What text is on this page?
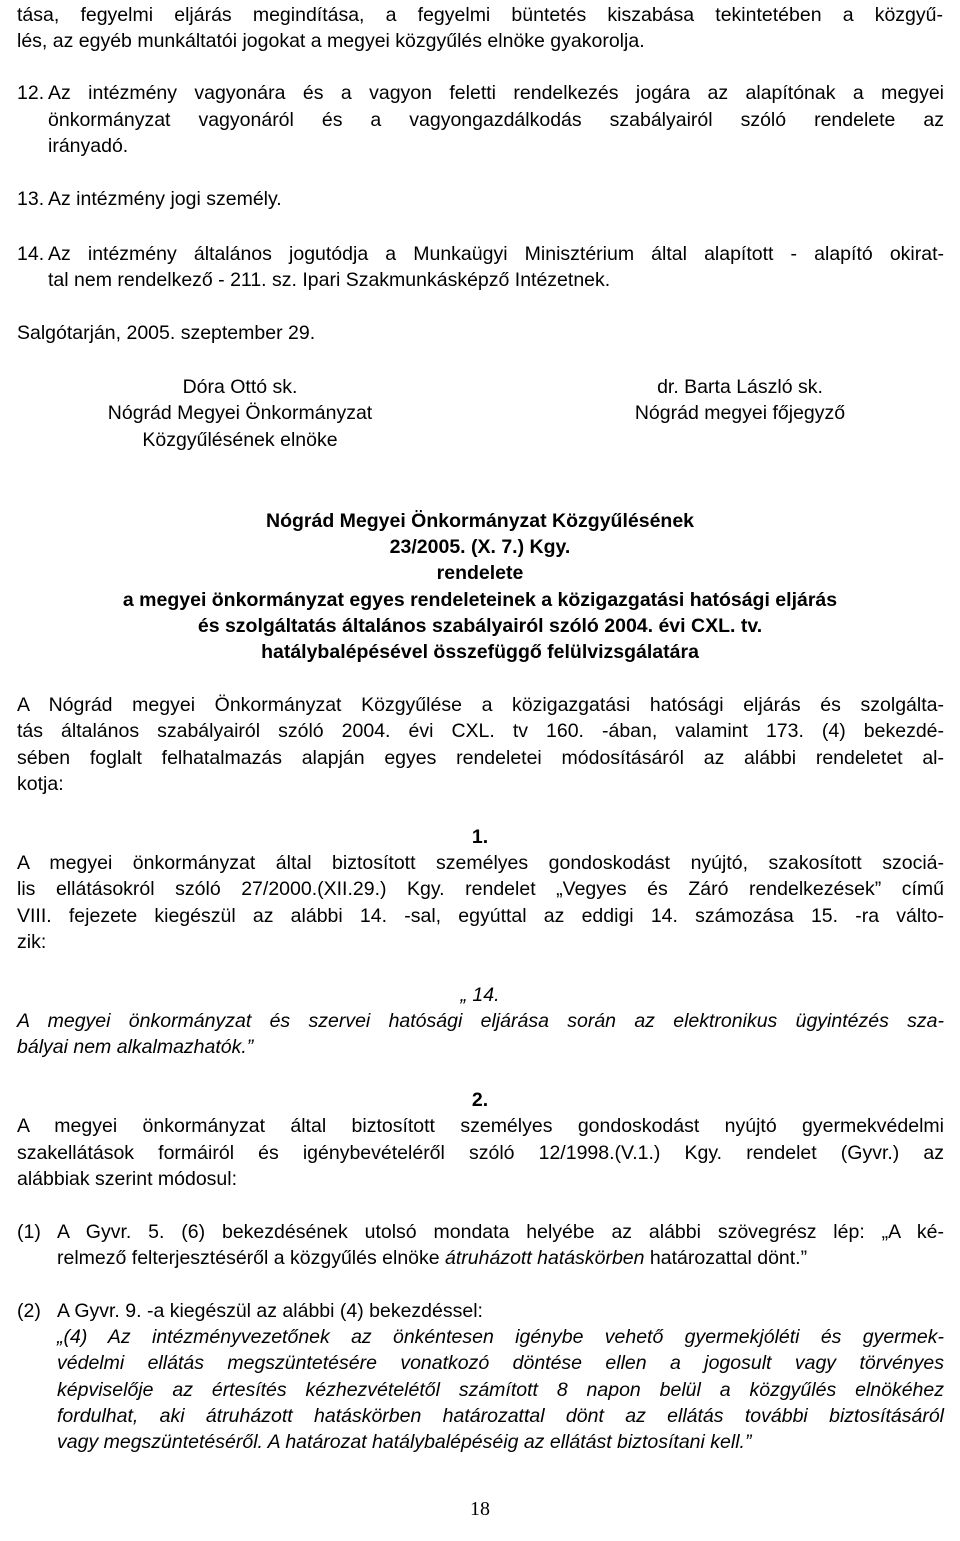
tása, fegyelmi eljárás megindítása, a fegyelmi büntetés kiszabása tekintetében a közgyű-
lés, az egyéb munkáltatói jogokat a megyei közgyűlés elnöke gyakorolja.
12. Az intézmény vagyonára és a vagyon feletti rendelkezés jogára az alapítónak a megyei
önkormányzat vagyonáról és a vagyongazdálkodás szabályairól szóló rendelete az
irányadó.
13. Az intézmény jogi személy.
14. Az intézmény általános jogutódja a Munkaügyi Minisztérium által alapított - alapító okirat-
tal nem rendelkező - 211. sz. Ipari Szakmunkásképző Intézetnek.
Salgótarján, 2005. szeptember 29.
Dóra Ottó sk.
Nógrád Megyei Önkormányzat
Közgyűlésének elnöke
dr. Barta László sk.
Nógrád megyei főjegyző
Nógrád Megyei Önkormányzat Közgyűlésének
23/2005. (X. 7.) Kgy.
rendelete
a megyei önkormányzat egyes rendeleteinek a közigazgatási hatósági eljárás
és szolgáltatás általános szabályairól szóló 2004. évi CXL. tv.
hatálybalépésével összefüggő felülvizsgálatára
A Nógrád megyei Önkormányzat Közgyűlése a közigazgatási hatósági eljárás és szolgálta-
tás általános szabályairól szóló 2004. évi CXL. tv 160. -ában, valamint 173. (4) bekezdé-
sében foglalt felhatalmazás alapján egyes rendeletei módosításáról az alábbi rendeletet al-
kotja:
1.
A megyei önkormányzat által biztosított személyes gondoskodást nyújtó, szakosított szociá-
lis ellátásokról szóló 27/2000.(XII.29.) Kgy. rendelet „Vegyes és Záró rendelkezések” című
VIII. fejezete kiegészül az alábbi 14. -sal, egyúttal az eddigi 14. számozása 15. -ra válto-
zik:
„ 14.
A megyei önkormányzat és szervei hatósági eljárása során az elektronikus ügyintézés sza-
bályai nem alkalmazhatók.”
2.
A megyei önkormányzat által biztosított személyes gondoskodást nyújtó gyermekvédelmi
szakellátások formáiról és igénybevételéről szóló 12/1998.(V.1.) Kgy. rendelet (Gyvr.) az
alábbiak szerint módosul:
(1) A Gyvr. 5. (6) bekezdésének utolsó mondata helyébe az alábbi szövegrész lép: „A ké-
relmező felterjesztéséről a közgyűlés elnöke átruházott hatáskörben határozattal dönt.”
(2) A Gyvr. 9. -a kiegészül az alábbi (4) bekezdéssel:
„(4) Az intézményvezetőnek az önkéntesen igénybe vehető gyermekjóléti és gyermek-
védelmi ellátás megszüntetésére vonatkozó döntése ellen a jogosult vagy törvényes
képviselője az értesítés kézhezvételétől számított 8 napon belül a közgyűlés elnökéhez
fordulhat, aki átruházott hatáskörben határozattal dönt az ellátás további biztosításáról
vagy megszüntetéséről. A határozat hatálybalépéséig az ellátást biztosítani kell.”
18
